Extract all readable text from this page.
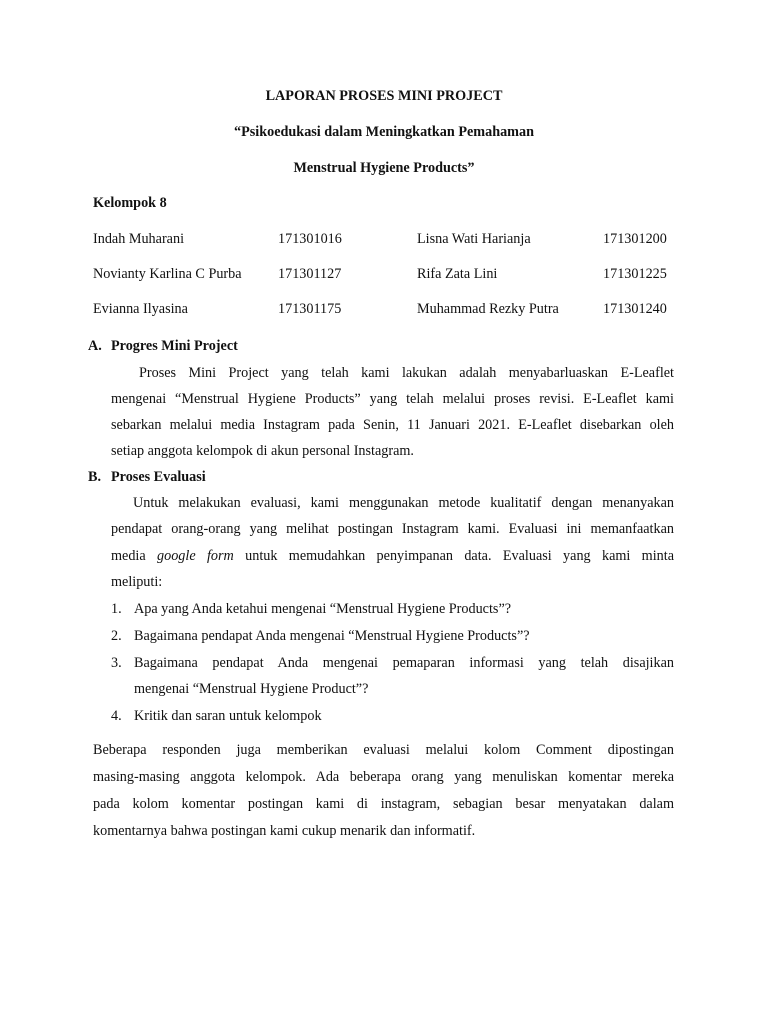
LAPORAN PROSES MINI PROJECT
“Psikoedukasi dalam Meningkatkan Pemahaman
Menstrual Hygiene Products”
Kelompok 8
Indah Muharani	171301016	Lisna Wati Harianja	171301200
Novianty Karlina C Purba	171301127	Rifa Zata Lini	171301225
Evianna Ilyasina	171301175	Muhammad Rezky Putra	171301240
A. Progres Mini Project
Proses Mini Project yang telah kami lakukan adalah menyabarluaskan E-Leaflet
mengenai “Menstrual Hygiene Products” yang telah melalui proses revisi. E-Leaflet kami
sebarkan melalui media Instagram pada Senin, 11 Januari 2021. E-Leaflet disebarkan oleh
setiap anggota kelompok di akun personal Instagram.
B. Proses Evaluasi
Untuk melakukan evaluasi, kami menggunakan metode kualitatif dengan menanyakan
pendapat orang-orang yang melihat postingan Instagram kami. Evaluasi ini memanfaatkan
media google form untuk memudahkan penyimpanan data. Evaluasi yang kami minta
meliputi:
1. Apa yang Anda ketahui mengenai “Menstrual Hygiene Products”?
2. Bagaimana pendapat Anda mengenai “Menstrual Hygiene Products”?
3. Bagaimana pendapat Anda mengenai pemaparan informasi yang telah disajikan
mengenai “Menstrual Hygiene Product”?
4. Kritik dan saran untuk kelompok
Beberapa responden juga memberikan evaluasi melalui kolom Comment dipostingan
masing-masing anggota kelompok. Ada beberapa orang yang menuliskan komentar mereka
pada kolom komentar postingan kami di instagram, sebagian besar menyatakan dalam
komentarnya bahwa postingan kami cukup menarik dan informatif.
